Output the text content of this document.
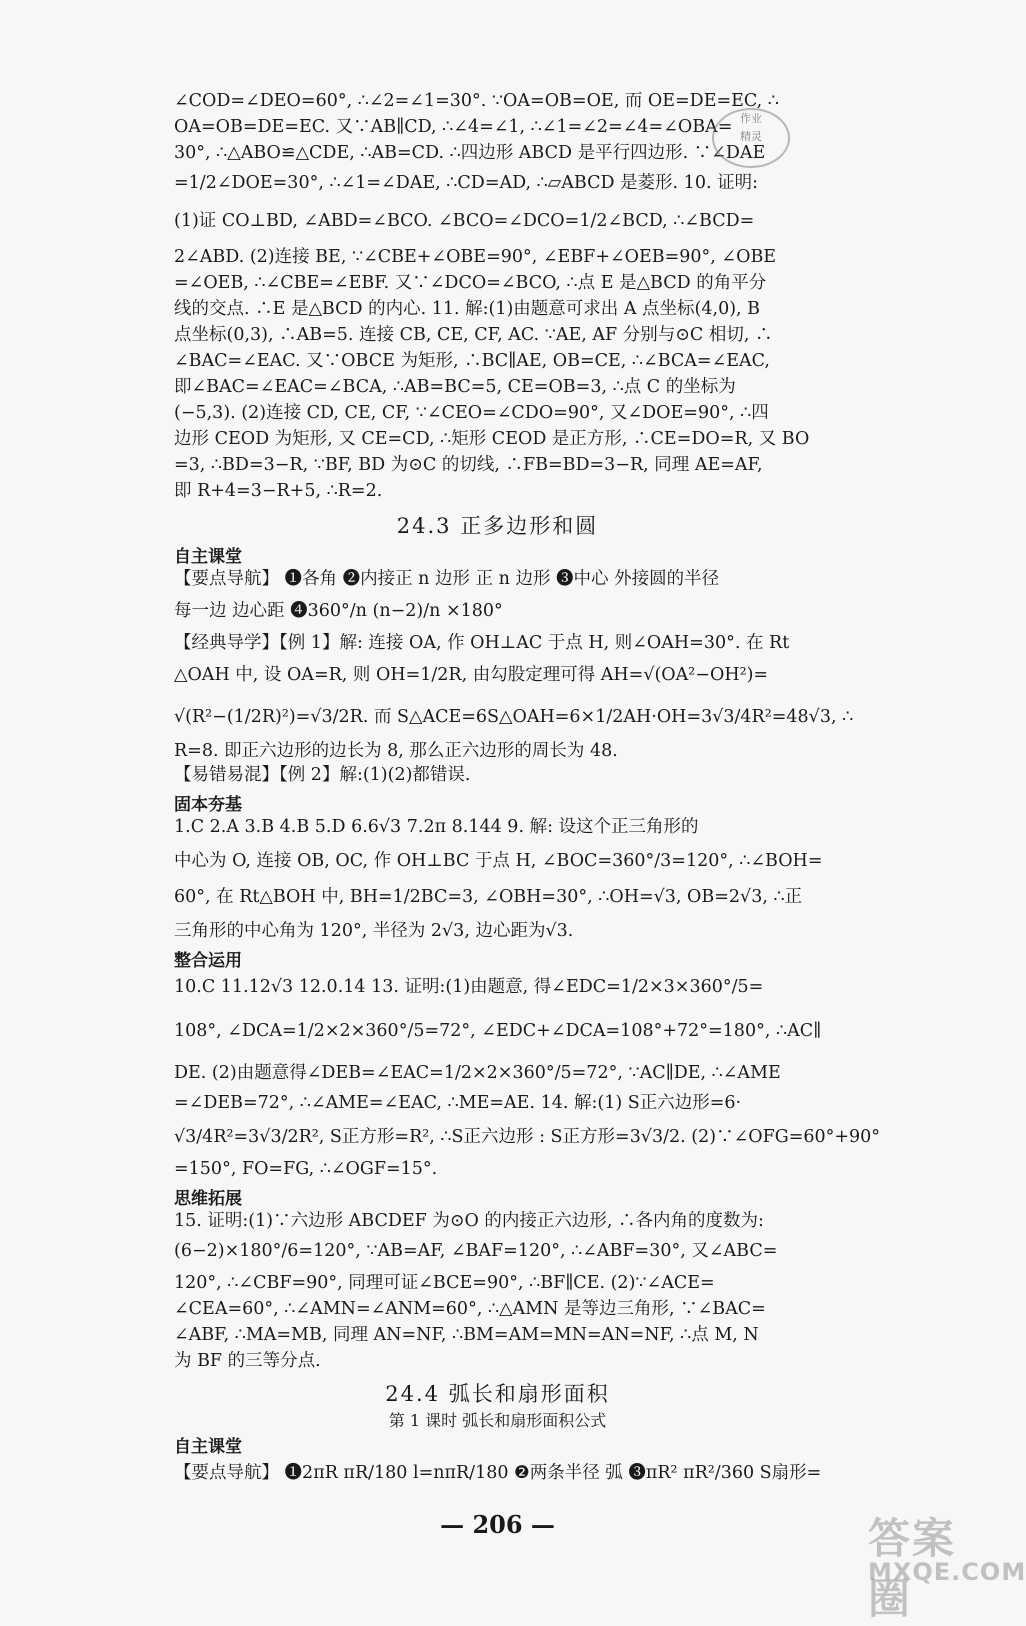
∠COD=∠DEO=60°, ∴∠2=∠1=30°. ∵OA=OB=OE, 而 OE=DE=EC, ∴
OA=OB=DE=EC. 又∵AB∥CD, ∴∠4=∠1, ∴∠1=∠2=∠4=∠OBA=
30°, ∴△ABO≌△CDE, ∴AB=CD. ∴四边形 ABCD 是平行四边形. ∵∠DAE
=1/2∠DOE=30°, ∴∠1=∠DAE, ∴CD=AD, ∴▱ABCD 是菱形. 10. 证明:
(1)证 CO⊥BD, ∠ABD=∠BCO. ∠BCO=∠DCO=1/2∠BCD, ∴∠BCD=
2∠ABD. (2)连接 BE, ∵∠CBE+∠OBE=90°, ∠EBF+∠OEB=90°, ∠OBE
=∠OEB, ∴∠CBE=∠EBF. 又∵∠DCO=∠BCO, ∴点 E 是△BCD 的角平分
线的交点. ∴E 是△BCD 的内心. 11. 解:(1)由题意可求出 A 点坐标(4,0), B
点坐标(0,3), ∴AB=5. 连接 CB, CE, CF, AC. ∵AE, AF 分别与⊙C 相切, ∴
∠BAC=∠EAC. 又∵OBCE 为矩形, ∴BC∥AE, OB=CE, ∴∠BCA=∠EAC,
即∠BAC=∠EAC=∠BCA, ∴AB=BC=5, CE=OB=3, ∴点 C 的坐标为
(−5,3). (2)连接 CD, CE, CF, ∵∠CEO=∠CDO=90°, 又∠DOE=90°, ∴四
边形 CEOD 为矩形, 又 CE=CD, ∴矩形 CEOD 是正方形, ∴CE=DO=R, 又 BO
=3, ∴BD=3−R, ∵BF, BD 为⊙C 的切线, ∴FB=BD=3−R, 同理 AE=AF,
即 R+4=3−R+5, ∴R=2.
24.3 正多边形和圆
自主课堂
【要点导航】 ❶各角 ❷内接正 n 边形 正 n 边形 ❸中心 外接圆的半径
每一边 边心距 ❹360°/n (n−2)/n ×180°
【经典导学】【例 1】解: 连接 OA, 作 OH⊥AC 于点 H, 则∠OAH=30°. 在 Rt
△OAH 中, 设 OA=R, 则 OH=1/2R, 由勾股定理可得 AH=√(OA²−OH²)=
√(R²−(1/2R)²)=√3/2R. 而 S△ACE=6S△OAH=6×1/2AH·OH=3√3/4R²=48√3, ∴
R=8. 即正六边形的边长为 8, 那么正六边形的周长为 48.
【易错易混】【例 2】解:(1)(2)都错误.
固本夯基
1.C 2.A 3.B 4.B 5.D 6.6√3 7.2π 8.144 9. 解: 设这个正三角形的
中心为 O, 连接 OB, OC, 作 OH⊥BC 于点 H, ∠BOC=360°/3=120°, ∴∠BOH=
60°, 在 Rt△BOH 中, BH=1/2BC=3, ∠OBH=30°, ∴OH=√3, OB=2√3, ∴正
三角形的中心角为 120°, 半径为 2√3, 边心距为√3.
整合运用
10.C 11.12√3 12.0.14 13. 证明:(1)由题意, 得∠EDC=1/2×3×360°/5=
108°, ∠DCA=1/2×2×360°/5=72°, ∠EDC+∠DCA=108°+72°=180°, ∴AC∥
DE. (2)由题意得∠DEB=∠EAC=1/2×2×360°/5=72°, ∵AC∥DE, ∴∠AME
=∠DEB=72°, ∴∠AME=∠EAC, ∴ME=AE. 14. 解:(1) S正六边形=6·
√3/4R²=3√3/2R², S正方形=R², ∴S正六边形 : S正方形=3√3/2. (2)∵∠OFG=60°+90°
=150°, FO=FG, ∴∠OGF=15°.
思维拓展
15. 证明:(1)∵六边形 ABCDEF 为⊙O 的内接正六边形, ∴各内角的度数为:
(6−2)×180°/6=120°, ∵AB=AF, ∠BAF=120°, ∴∠ABF=30°, 又∠ABC=
120°, ∴∠CBF=90°, 同理可证∠BCE=90°, ∴BF∥CE. (2)∵∠ACE=
∠CEA=60°, ∴∠AMN=∠ANM=60°, ∴△AMN 是等边三角形, ∵∠BAC=
∠ABF, ∴MA=MB, 同理 AN=NF, ∴BM=AM=MN=AN=NF, ∴点 M, N
为 BF 的三等分点.
24.4 弧长和扇形面积
第 1 课时 弧长和扇形面积公式
自主课堂
【要点导航】 ❶2πR πR/180 l=nπR/180 ❷两条半径 弧 ❸πR² πR²/360 S扇形=
— 206 —
作业
精灵
答案圈
MXQE.COM
